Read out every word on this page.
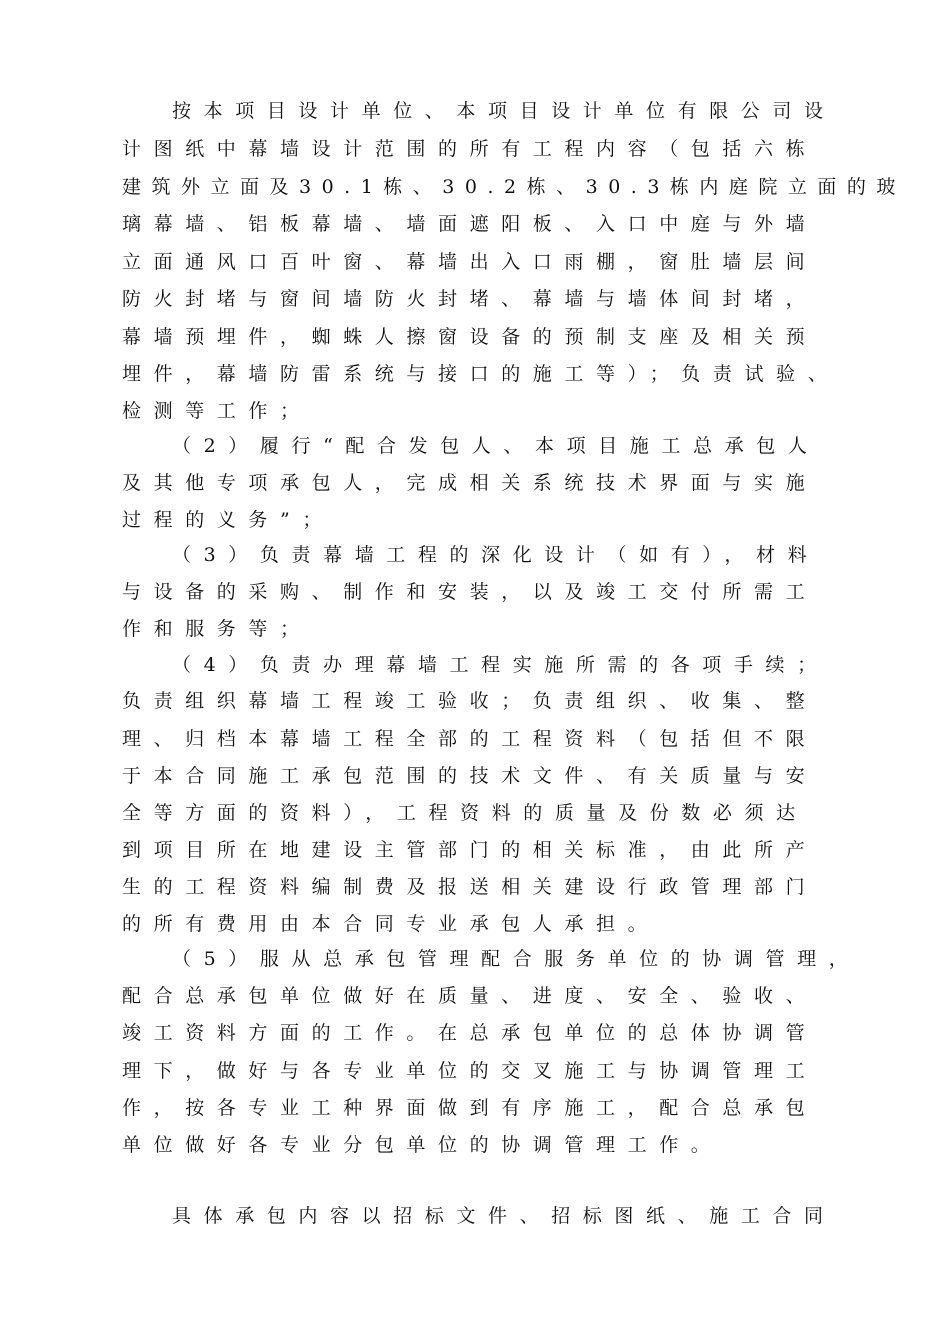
按本项目设计单位、本项目设计单位有限公司设
计图纸中幕墙设计范围的所有工程内容（包括六栋
建筑外立面及30.1栋、30.2栋、30.3栋内庭院立面的玻
璃幕墙、铝板幕墙、墙面遮阳板、入口中庭与外墙
立面通风口百叶窗、幕墙出入口雨棚，窗肚墙层间
防火封堵与窗间墙防火封堵、幕墙与墙体间封堵，
幕墙预埋件，蜘蛛人擦窗设备的预制支座及相关预
埋件，幕墙防雷系统与接口的施工等）；负责试验、
检测等工作；
（2）履行“配合发包人、本项目施工总承包人
及其他专项承包人，完成相关系统技术界面与实施
过程的义务”；
（3）负责幕墙工程的深化设计（如有），材料
与设备的采购、制作和安装，以及竣工交付所需工
作和服务等；
（4）负责办理幕墙工程实施所需的各项手续；
负责组织幕墙工程竣工验收；负责组织、收集、整
理、归档本幕墙工程全部的工程资料（包括但不限
于本合同施工承包范围的技术文件、有关质量与安
全等方面的资料），工程资料的质量及份数必须达
到项目所在地建设主管部门的相关标准，由此所产
生的工程资料编制费及报送相关建设行政管理部门
的所有费用由本合同专业承包人承担。
（5）服从总承包管理配合服务单位的协调管理，
配合总承包单位做好在质量、进度、安全、验收、
竣工资料方面的工作。在总承包单位的总体协调管
理下，做好与各专业单位的交叉施工与协调管理工
作，按各专业工种界面做到有序施工，配合总承包
单位做好各专业分包单位的协调管理工作。
具体承包内容以招标文件、招标图纸、施工合同
